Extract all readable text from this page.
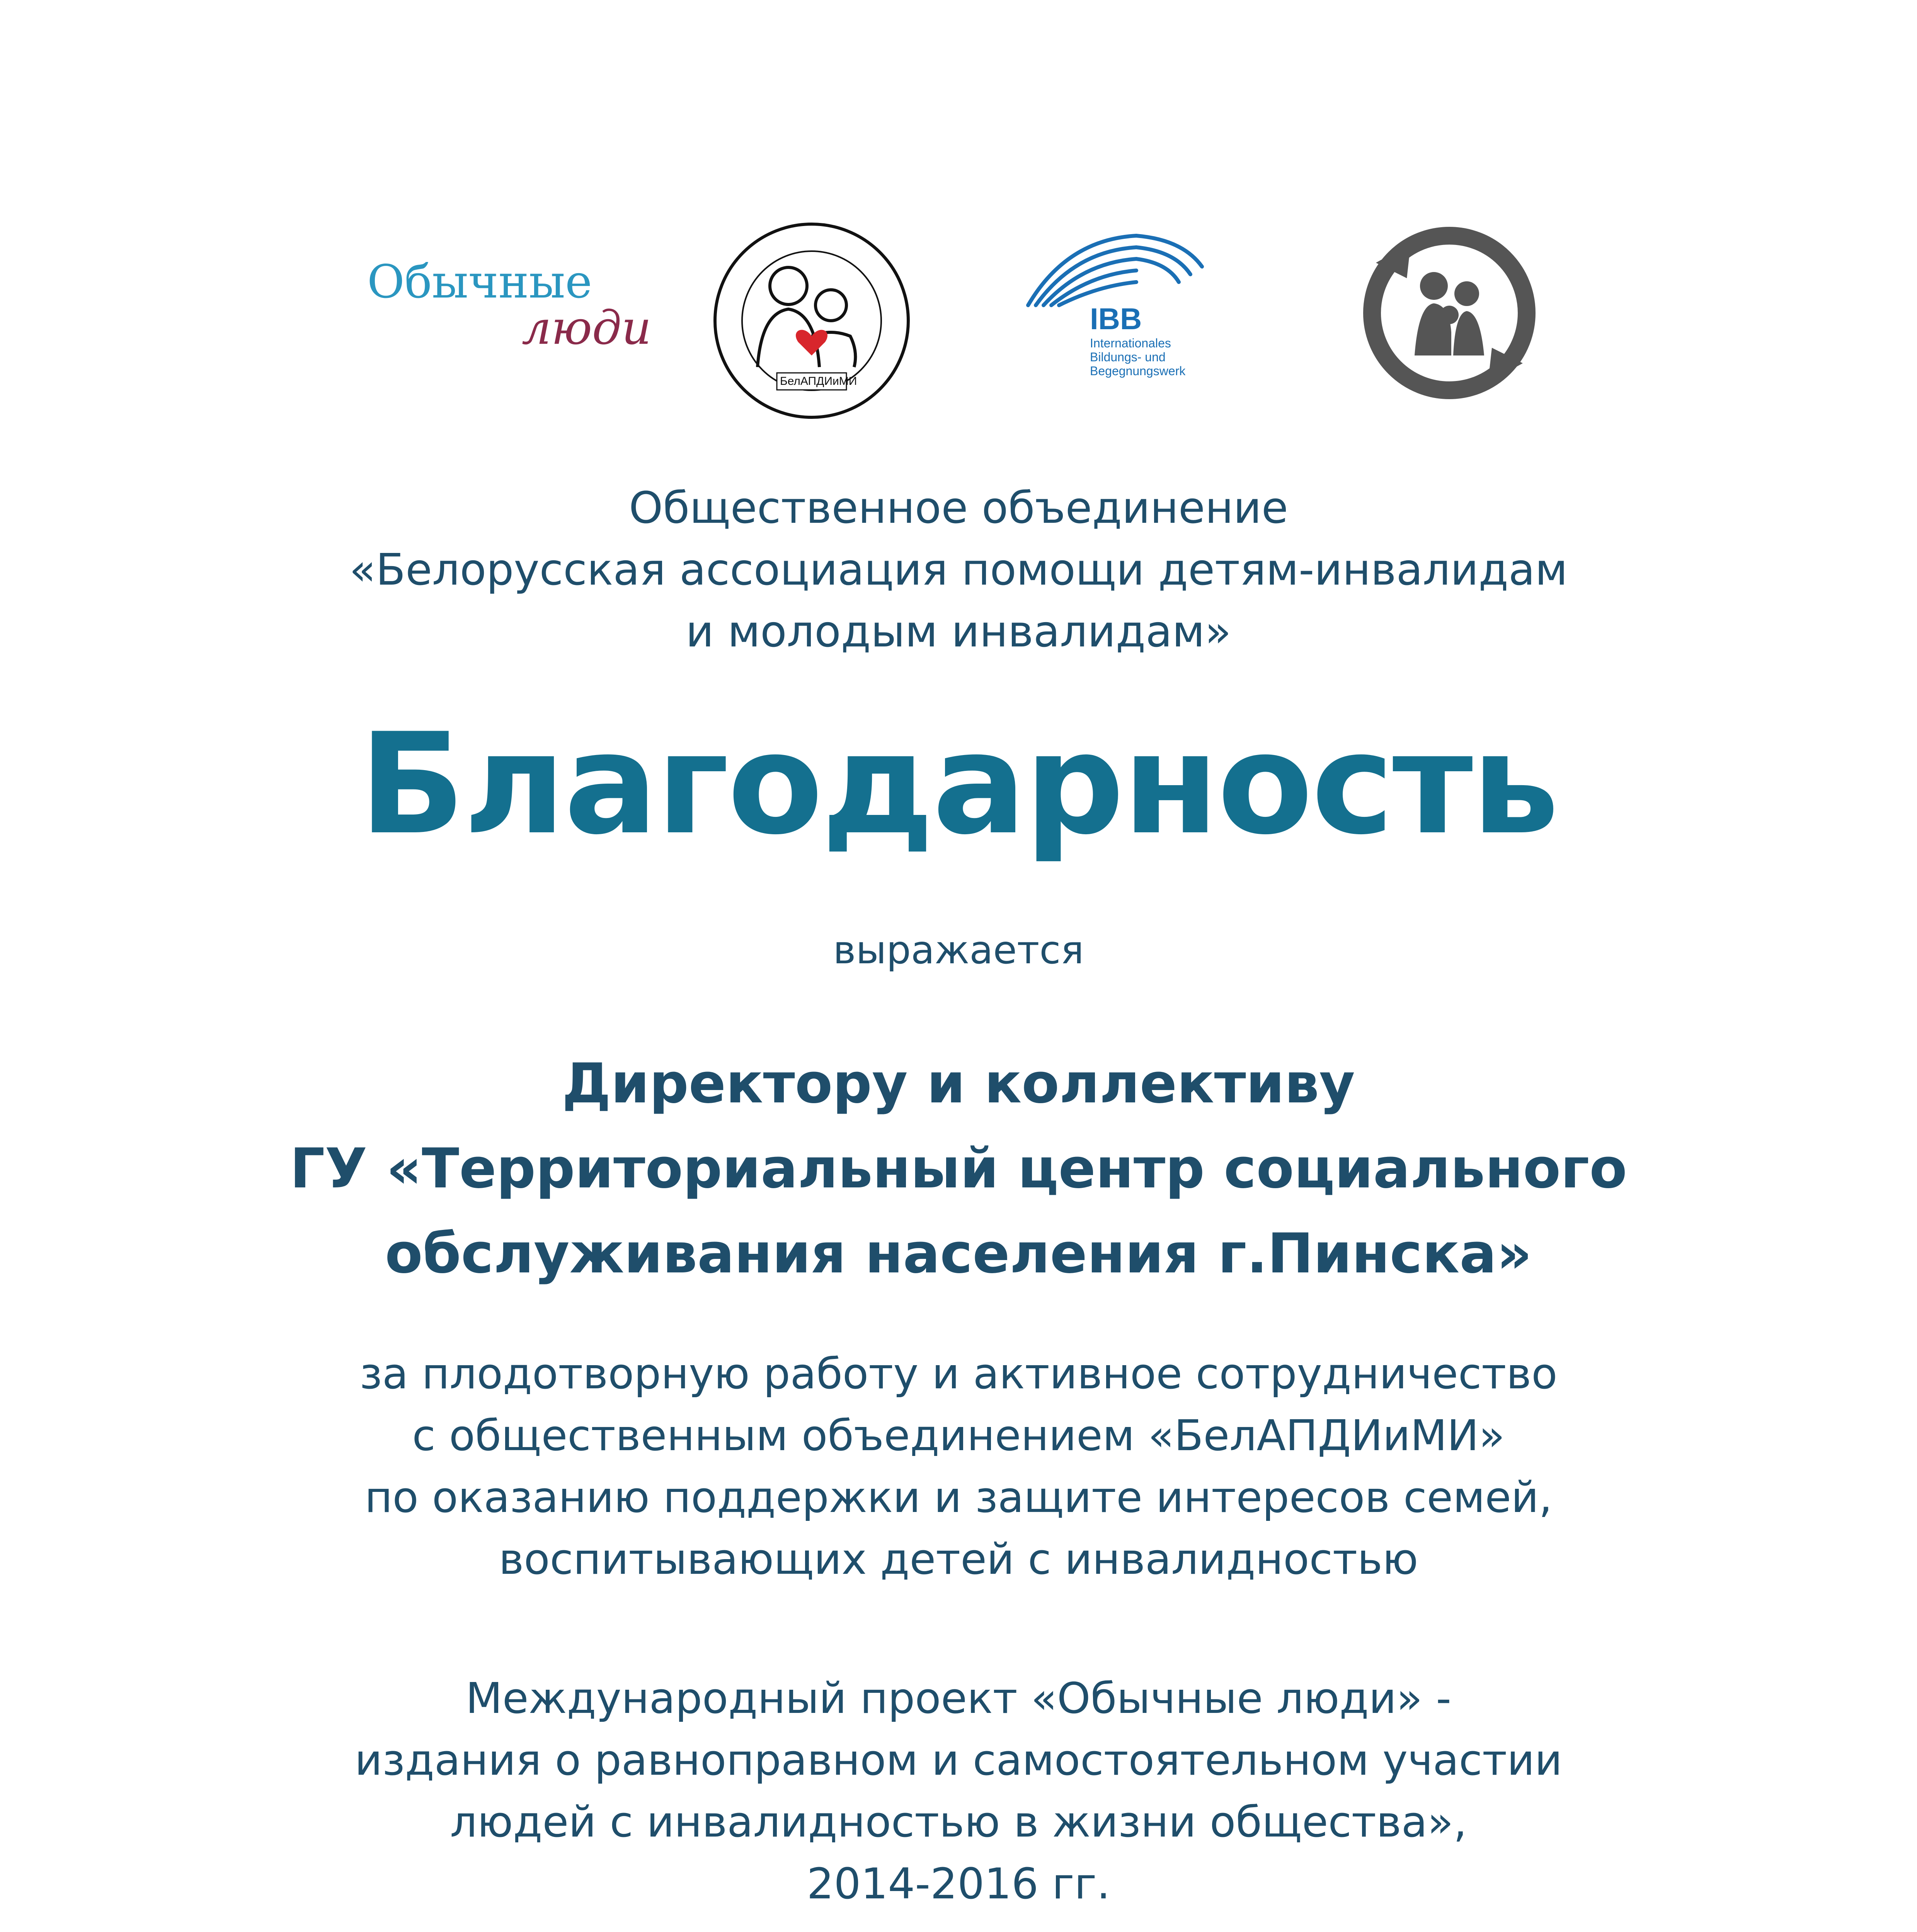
Обычные
люди
БелАПДИиМИ
IBB
Internationales
Bildungs- und
Begegnungswerk
Общественное объединение
«Белорусская ассоциация помощи детям-инвалидам
и молодым инвалидам»
Благодарность
выражается
Директору и коллективу
ГУ «Территориальный центр социального
обслуживания населения г.Пинска»
за плодотворную работу и активное сотрудничество
с общественным объединением «БелАПДИиМИ»
по оказанию поддержки и защите интересов семей,
воспитывающих детей с инвалидностью
Международный проект «Обычные люди» -
издания о равноправном и самостоятельном участии
людей с инвалидностью в жизни общества»,
2014-2016 гг.
